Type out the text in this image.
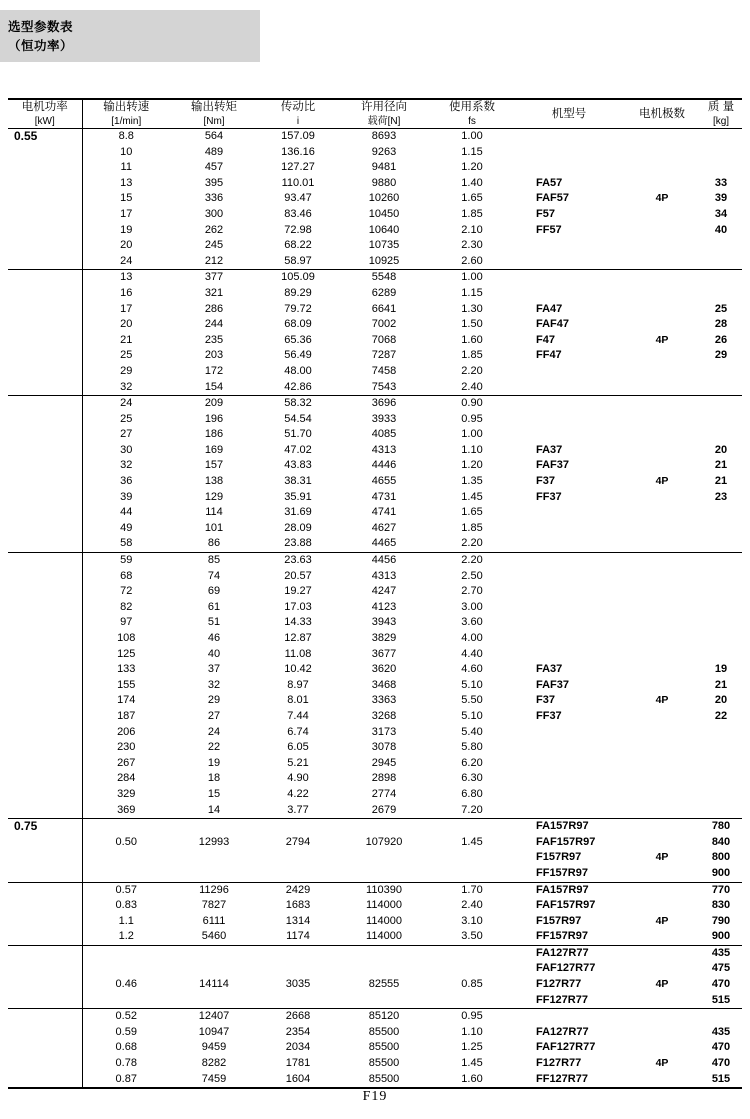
选型参数表
（恒功率）
电机功率	输出转速	输出转矩	传动比	许用径向	使用系数	机型号	电机极数	质 量
[kW]	[1/min]	[Nm]	i	载荷[N]	fs			[kg]
0.55	8.8	564	157.09	8693	1.00			
	10	489	136.16	9263	1.15			
	11	457	127.27	9481	1.20			
	13	395	110.01	9880	1.40	FA57		33
	15	336	93.47	10260	1.65	FAF57	4P	39
	17	300	83.46	10450	1.85	F57		34
	19	262	72.98	10640	2.10	FF57		40
	20	245	68.22	10735	2.30			
	24	212	58.97	10925	2.60			
	13	377	105.09	5548	1.00			
	16	321	89.29	6289	1.15			
	17	286	79.72	6641	1.30	FA47		25
	20	244	68.09	7002	1.50	FAF47		28
	21	235	65.36	7068	1.60	F47	4P	26
	25	203	56.49	7287	1.85	FF47		29
	29	172	48.00	7458	2.20			
	32	154	42.86	7543	2.40			
	24	209	58.32	3696	0.90			
	25	196	54.54	3933	0.95			
	27	186	51.70	4085	1.00			
	30	169	47.02	4313	1.10	FA37		20
	32	157	43.83	4446	1.20	FAF37		21
	36	138	38.31	4655	1.35	F37	4P	21
	39	129	35.91	4731	1.45	FF37		23
	44	114	31.69	4741	1.65			
	49	101	28.09	4627	1.85			
	58	86	23.88	4465	2.20			
	59	85	23.63	4456	2.20			
	68	74	20.57	4313	2.50			
	72	69	19.27	4247	2.70			
	82	61	17.03	4123	3.00			
	97	51	14.33	3943	3.60			
	108	46	12.87	3829	4.00			
	125	40	11.08	3677	4.40			
	133	37	10.42	3620	4.60	FA37		19
	155	32	8.97	3468	5.10	FAF37		21
	174	29	8.01	3363	5.50	F37	4P	20
	187	27	7.44	3268	5.10	FF37		22
	206	24	6.74	3173	5.40			
	230	22	6.05	3078	5.80			
	267	19	5.21	2945	6.20			
	284	18	4.90	2898	6.30			
	329	15	4.22	2774	6.80			
	369	14	3.77	2679	7.20			
0.75						FA157R97		780
	0.50	12993	2794	107920	1.45	FAF157R97		840
						F157R97	4P	800
						FF157R97		900
	0.57	11296	2429	110390	1.70	FA157R97		770
	0.83	7827	1683	114000	2.40	FAF157R97		830
	1.1	6111	1314	114000	3.10	F157R97	4P	790
	1.2	5460	1174	114000	3.50	FF157R97		900
						FA127R77		435
						FAF127R77		475
	0.46	14114	3035	82555	0.85	F127R77	4P	470
						FF127R77		515
	0.52	12407	2668	85120	0.95			
	0.59	10947	2354	85500	1.10	FA127R77		435
	0.68	9459	2034	85500	1.25	FAF127R77		470
	0.78	8282	1781	85500	1.45	F127R77	4P	470
	0.87	7459	1604	85500	1.60	FF127R77		515
F19
